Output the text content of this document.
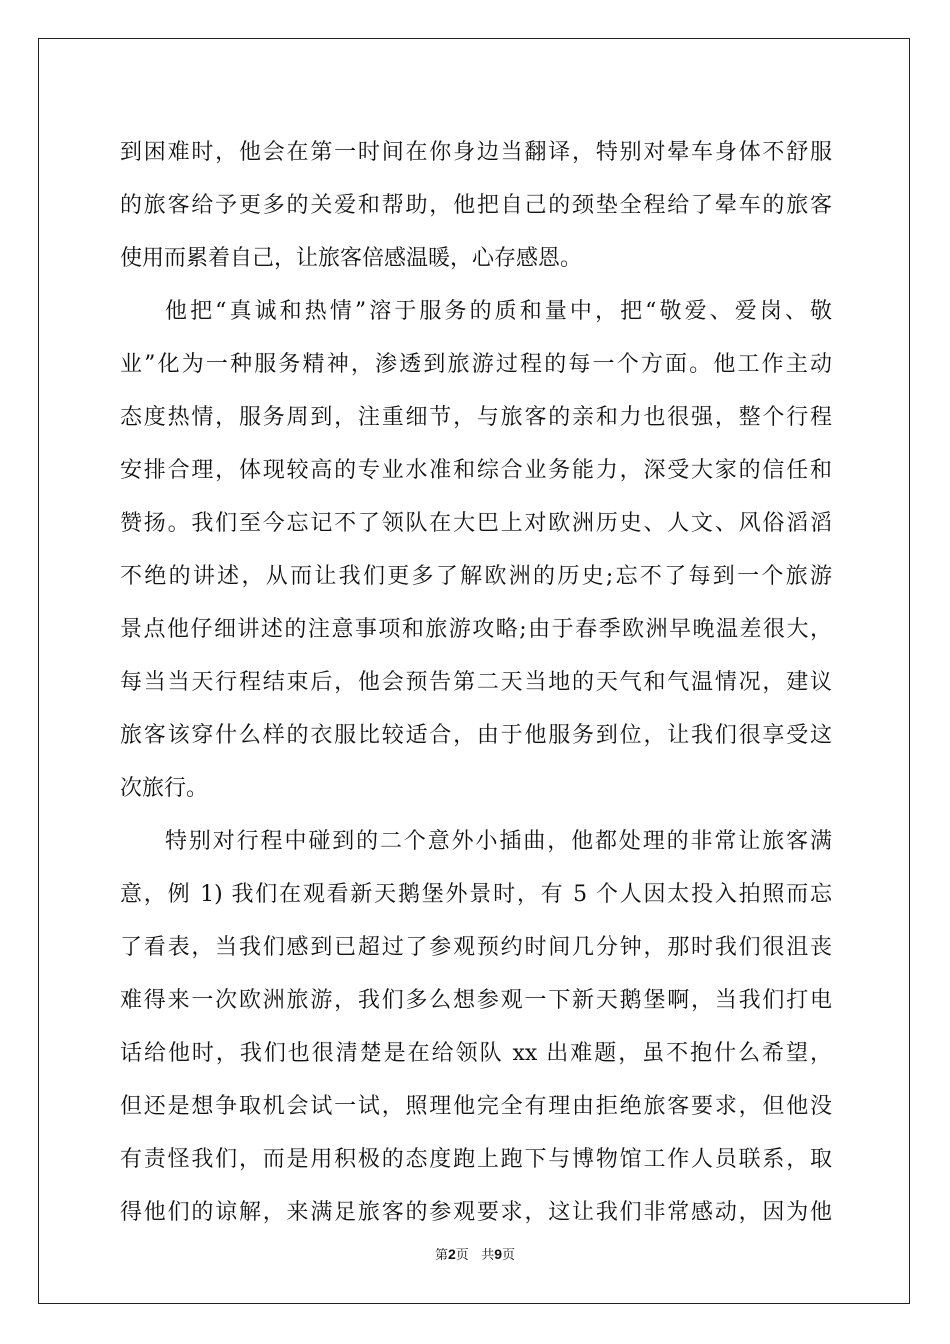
到困难时，他会在第一时间在你身边当翻译，特别对晕车身体不舒服
的旅客给予更多的关爱和帮助，他把自己的颈垫全程给了晕车的旅客
使用而累着自己，让旅客倍感温暖，心存感恩。
他把“真诚和热情”溶于服务的质和量中，把“敬爱、爱岗、敬
业”化为一种服务精神，渗透到旅游过程的每一个方面。他工作主动
态度热情，服务周到，注重细节，与旅客的亲和力也很强，整个行程
安排合理，体现较高的专业水准和综合业务能力，深受大家的信任和
赞扬。我们至今忘记不了领队在大巴上对欧洲历史、人文、风俗滔滔
不绝的讲述，从而让我们更多了解欧洲的历史;忘不了每到一个旅游
景点他仔细讲述的注意事项和旅游攻略;由于春季欧洲早晚温差很大，
每当当天行程结束后，他会预告第二天当地的天气和气温情况，建议
旅客该穿什么样的衣服比较适合，由于他服务到位，让我们很享受这
次旅行。
特别对行程中碰到的二个意外小插曲，他都处理的非常让旅客满
意，例 1) 我们在观看新天鹅堡外景时，有 5 个人因太投入拍照而忘
了看表，当我们感到已超过了参观预约时间几分钟，那时我们很沮丧
难得来一次欧洲旅游，我们多么想参观一下新天鹅堡啊，当我们打电
话给他时，我们也很清楚是在给领队 xx 出难题，虽不抱什么希望，
但还是想争取机会试一试，照理他完全有理由拒绝旅客要求，但他没
有责怪我们，而是用积极的态度跑上跑下与博物馆工作人员联系，取
得他们的谅解，来满足旅客的参观要求，这让我们非常感动，因为他
第2页   共9页
